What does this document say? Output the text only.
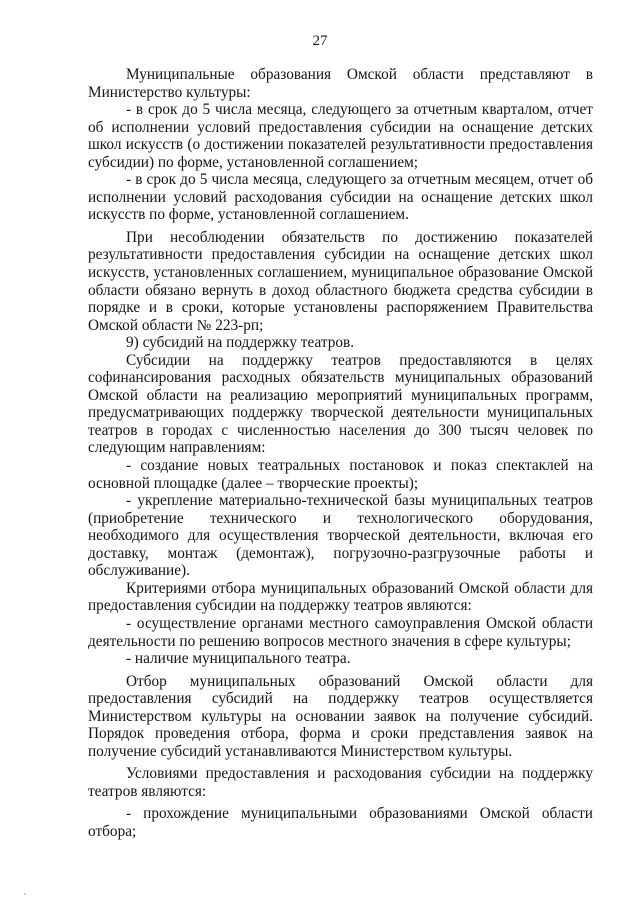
27

Муниципальные образования Омской области представляют в Министерство культуры:

- в срок до 5 числа месяца, следующего за отчетным кварталом, отчет об исполнении условий предоставления субсидии на оснащение детских школ искусств (о достижении показателей результативности предоставления субсидии) по форме, установленной соглашением;

- в срок до 5 числа месяца, следующего за отчетным месяцем, отчет об исполнении условий расходования субсидии на оснащение детских школ искусств по форме, установленной соглашением.

При несоблюдении обязательств по достижению показателей результативности предоставления субсидии на оснащение детских школ искусств, установленных соглашением, муниципальное образование Омской области обязано вернуть в доход областного бюджета средства субсидии в порядке и в сроки, которые установлены распоряжением Правительства Омской области № 223-рп;

9) субсидий на поддержку театров.

Субсидии на поддержку театров предоставляются в целях софинансирования расходных обязательств муниципальных образований Омской области на реализацию мероприятий муниципальных программ, предусматривающих поддержку творческой деятельности муниципальных театров в городах с численностью населения до 300 тысяч человек по следующим направлениям:

- создание новых театральных постановок и показ спектаклей на основной площадке (далее – творческие проекты);

- укрепление материально-технической базы муниципальных театров (приобретение технического и технологического оборудования, необходимого для осуществления творческой деятельности, включая его доставку, монтаж (демонтаж), погрузочно-разгрузочные работы и обслуживание).

Критериями отбора муниципальных образований Омской области для предоставления субсидии на поддержку театров являются:

- осуществление органами местного самоуправления Омской области деятельности по решению вопросов местного значения в сфере культуры;

- наличие муниципального театра.

Отбор муниципальных образований Омской области для предоставления субсидий на поддержку театров осуществляется Министерством культуры на основании заявок на получение субсидий. Порядок проведения отбора, форма и сроки представления заявок на получение субсидий устанавливаются Министерством культуры.

Условиями предоставления и расходования субсидии на поддержку театров являются:

- прохождение муниципальными образованиями Омской области отбора;
